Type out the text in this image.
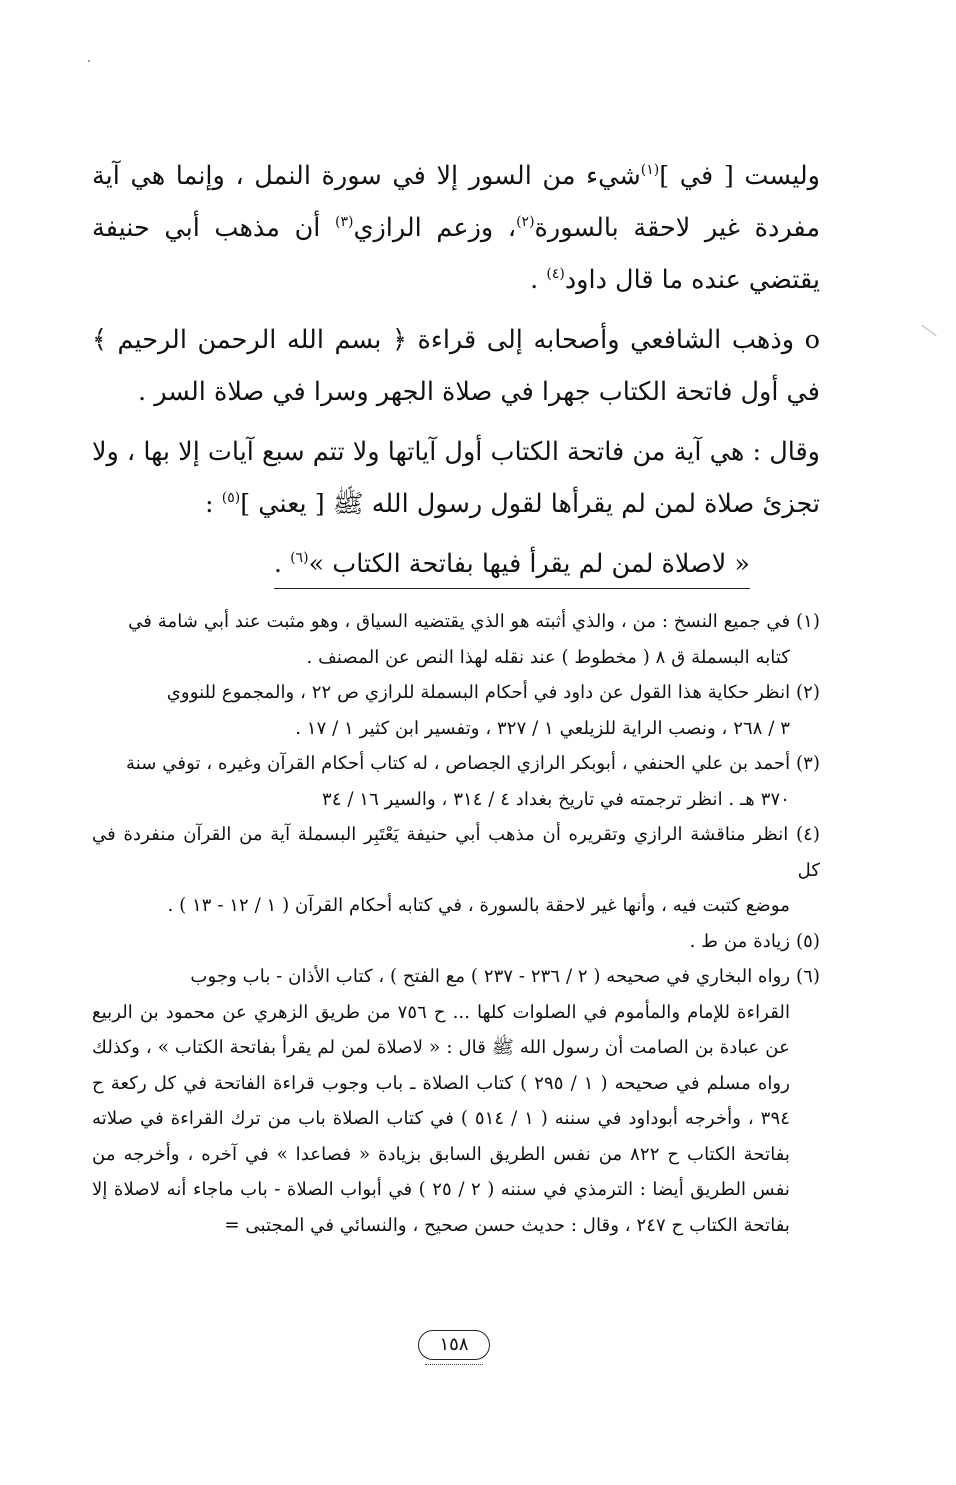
وليست [ في ]$^{(١)}$شيء من السور إلا في سورة النمل ، وإنما هي آية مفردة غير لاحقة بالسورة$^{(٢)}$، وزعم الرازي$^{(٣)}$ أن مذهب أبي حنيفة يقتضي عنده ما قال داود$^{(٤)}$ .

ο وذهب الشافعي وأصحابه إلى قراءة ﴿ بسم الله الرحمن الرحيم ﴾ في أول فاتحة الكتاب جهرا في صلاة الجهر وسرا في صلاة السر .

وقال : هي آية من فاتحة الكتاب أول آياتها ولا تتم سبع آيات إلا بها ، ولا تجزئ صلاة لمن لم يقرأها لقول رسول الله ﷺ [ يعني ]$^{(٥)}$ :

« لاصلاة لمن لم يقرأ فيها بفاتحة الكتاب »$^{(٦)}$ .

(١) في جميع النسخ : من ، والذي أثبته هو الذي يقتضيه السياق ، وهو مثبت عند أبي شامة في
كتابه البسملة ق ٨ ( مخطوط ) عند نقله لهذا النص عن المصنف .

(٢) انظر حكاية هذا القول عن داود في أحكام البسملة للرازي ص ٢٢ ، والمجموع للنووي
٣ / ٢٦٨ ، ونصب الراية للزيلعي ١ / ٣٢٧ ، وتفسير ابن كثير ١ / ١٧ .

(٣) أحمد بن علي الحنفي ، أبوبكر الرازي الجصاص ، له كتاب أحكام القرآن وغيره ، توفي سنة
٣٧٠ هـ . انظر ترجمته في تاريخ بغداد ٤ / ٣١٤ ، والسير ١٦ / ٣٤

(٤) انظر مناقشة الرازي وتقريره أن مذهب أبي حنيفة يَعْتَبِر البسملة آية من القرآن منفردة في كل
موضع كتبت فيه ، وأنها غير لاحقة بالسورة ، في كتابه أحكام القرآن ( ١ / ١٢ - ١٣ ) .

(٥) زيادة من ط .

(٦) رواه البخاري في صحيحه ( ٢ / ٢٣٦ - ٢٣٧ ) مع الفتح ) ، كتاب الأذان - باب وجوب
القراءة للإمام والمأموم في الصلوات كلها ... ح ٧٥٦ من طريق الزهري عن محمود بن الربيع عن عبادة بن الصامت أن رسول الله ﷺ قال : « لاصلاة لمن لم يقرأ بفاتحة الكتاب » ، وكذلك رواه مسلم في صحيحه ( ١ / ٢٩٥ ) كتاب الصلاة ـ باب وجوب قراءة الفاتحة في كل ركعة ح ٣٩٤ ، وأخرجه أبوداود في سننه ( ١ / ٥١٤ ) في كتاب الصلاة باب من ترك القراءة في صلاته بفاتحة الكتاب ح ٨٢٢ من نفس الطريق السابق بزيادة « فصاعدا » في آخره ، وأخرجه من نفس الطريق أيضا : الترمذي في سننه ( ٢ / ٢٥ ) في أبواب الصلاة - باب ماجاء أنه لاصلاة إلا بفاتحة الكتاب ح ٢٤٧ ، وقال : حديث حسن صحيح ، والنسائي في المجتبى =

١٥٨
